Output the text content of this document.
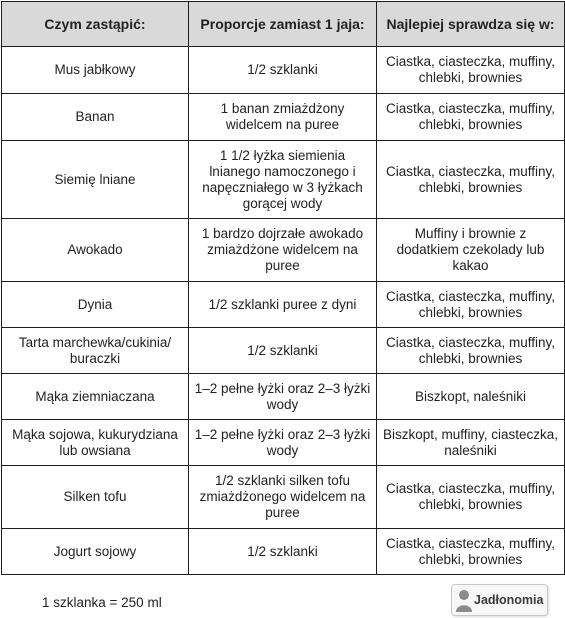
Czym zastąpić:	Proporcje zamiast 1 jaja:	Najlepiej sprawdza się w:
Mus jabłkowy	1/2 szklanki	Ciastka, ciasteczka, muffiny, chlebki, brownies
Banan	1 banan zmiażdżony widelcem na puree	Ciastka, ciasteczka, muffiny, chlebki, brownies
Siemię lniane	1 1/2 łyżka siemienia lnianego namoczonego i napęczniałego w 3 łyżkach gorącej wody	Ciastka, ciasteczka, muffiny, chlebki, brownies
Awokado	1 bardzo dojrzałe awokado zmiażdżone widelcem na puree	Muffiny i brownie z dodatkiem czekolady lub kakao
Dynia	1/2 szklanki puree z dyni	Ciastka, ciasteczka, muffiny, chlebki, brownies
Tarta marchewka/cukinia/ buraczki	1/2 szklanki	Ciastka, ciasteczka, muffiny, chlebki, brownies
Mąka ziemniaczana	1–2 pełne łyżki oraz 2–3 łyżki wody	Biszkopt, naleśniki
Mąka sojowa, kukurydziana lub owsiana	1–2 pełne łyżki oraz 2–3 łyżki wody	Biszkopt, muffiny, ciasteczka, naleśniki
Silken tofu	1/2 szklanki silken tofu zmiażdżonego widelcem na puree	Ciastka, ciasteczka, muffiny, chlebki, brownies
Jogurt sojowy	1/2 szklanki	Ciastka, ciasteczka, muffiny, chlebki, brownies
1 szklanka = 250 ml	Jadłonomia
